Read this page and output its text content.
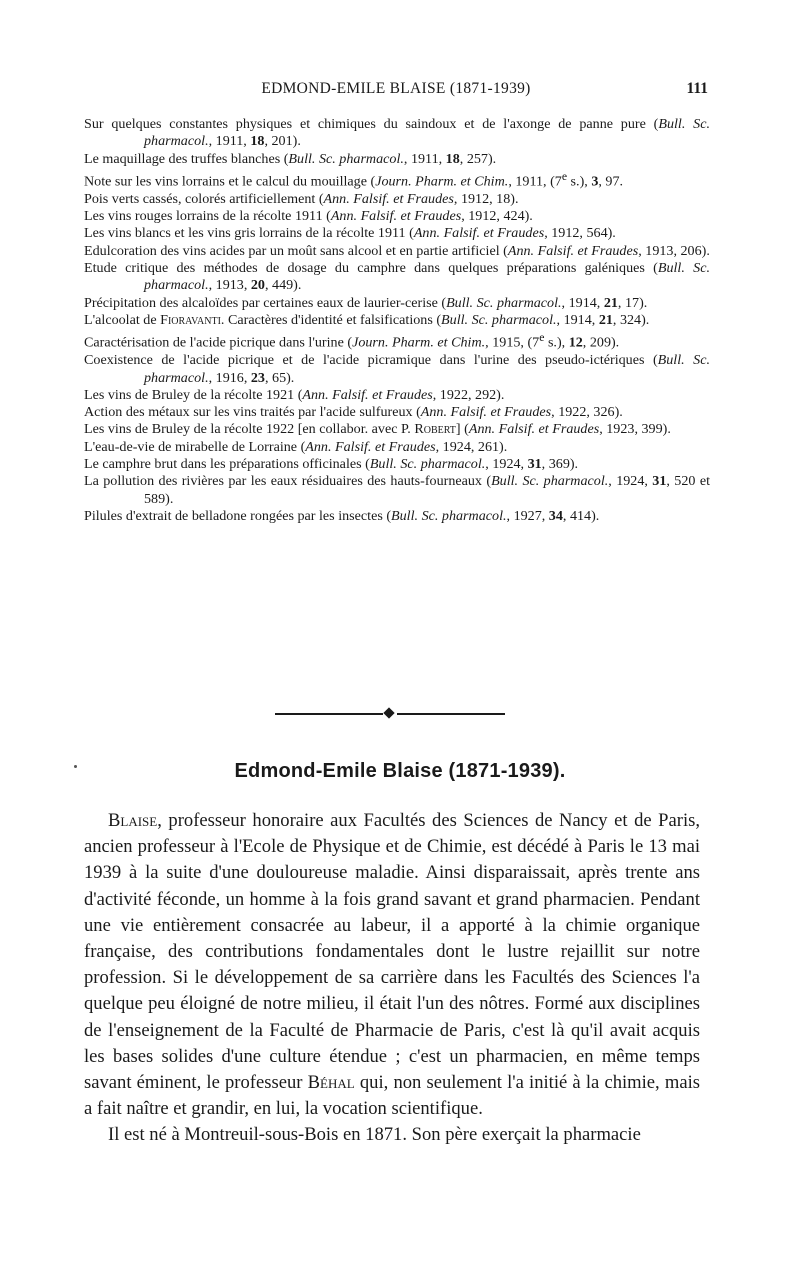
EDMOND-EMILE BLAISE (1871-1939)	111
Sur quelques constantes physiques et chimiques du saindoux et de l'axonge de panne pure (Bull. Sc. pharmacol., 1911, 18, 201).
Le maquillage des truffes blanches (Bull. Sc. pharmacol., 1911, 18, 257).
Note sur les vins lorrains et le calcul du mouillage (Journ. Pharm. et Chim., 1911, (7e s.), 3, 97.
Pois verts cassés, colorés artificiellement (Ann. Falsif. et Fraudes, 1912, 18).
Les vins rouges lorrains de la récolte 1911 (Ann. Falsif. et Fraudes, 1912, 424).
Les vins blancs et les vins gris lorrains de la récolte 1911 (Ann. Falsif. et Fraudes, 1912, 564).
Edulcoration des vins acides par un moût sans alcool et en partie artificiel (Ann. Falsif. et Fraudes, 1913, 206).
Etude critique des méthodes de dosage du camphre dans quelques préparations galéniques (Bull. Sc. pharmacol., 1913, 20, 449).
Précipitation des alcaloïdes par certaines eaux de laurier-cerise (Bull. Sc. pharmacol., 1914, 21, 17).
L'alcoolat de Fioravanti. Caractères d'identité et falsifications (Bull. Sc. pharmacol., 1914, 21, 324).
Caractérisation de l'acide picrique dans l'urine (Journ. Pharm. et Chim., 1915, (7e s.), 12, 209).
Coexistence de l'acide picrique et de l'acide picramique dans l'urine des pseudo-ictériques (Bull. Sc. pharmacol., 1916, 23, 65).
Les vins de Bruley de la récolte 1921 (Ann. Falsif. et Fraudes, 1922, 292).
Action des métaux sur les vins traités par l'acide sulfureux (Ann. Falsif. et Fraudes, 1922, 326).
Les vins de Bruley de la récolte 1922 [en collabor. avec P. Robert] (Ann. Falsif. et Fraudes, 1923, 399).
L'eau-de-vie de mirabelle de Lorraine (Ann. Falsif. et Fraudes, 1924, 261).
Le camphre brut dans les préparations officinales (Bull. Sc. pharmacol., 1924, 31, 369).
La pollution des rivières par les eaux résiduaires des hauts-fourneaux (Bull. Sc. pharmacol., 1924, 31, 520 et 589).
Pilules d'extrait de belladone rongées par les insectes (Bull. Sc. pharmacol., 1927, 34, 414).
Edmond-Emile Blaise (1871-1939).

Blaise, professeur honoraire aux Facultés des Sciences de Nancy et de Paris, ancien professeur à l'Ecole de Physique et de Chimie, est décédé à Paris le 13 mai 1939 à la suite d'une douloureuse maladie. Ainsi disparaissait, après trente ans d'activité féconde, un homme à la fois grand savant et grand pharmacien. Pendant une vie entièrement consacrée au labeur, il a apporté à la chimie organique française, des contributions fondamentales dont le lustre rejaillit sur notre profession. Si le développement de sa carrière dans les Facultés des Sciences l'a quelque peu éloigné de notre milieu, il était l'un des nôtres. Formé aux disciplines de l'enseignement de la Faculté de Pharmacie de Paris, c'est là qu'il avait acquis les bases solides d'une culture étendue ; c'est un pharmacien, en même temps savant éminent, le professeur Béhal qui, non seulement l'a initié à la chimie, mais a fait naître et grandir, en lui, la vocation scientifique.

Il est né à Montreuil-sous-Bois en 1871. Son père exerçait la pharmacie
